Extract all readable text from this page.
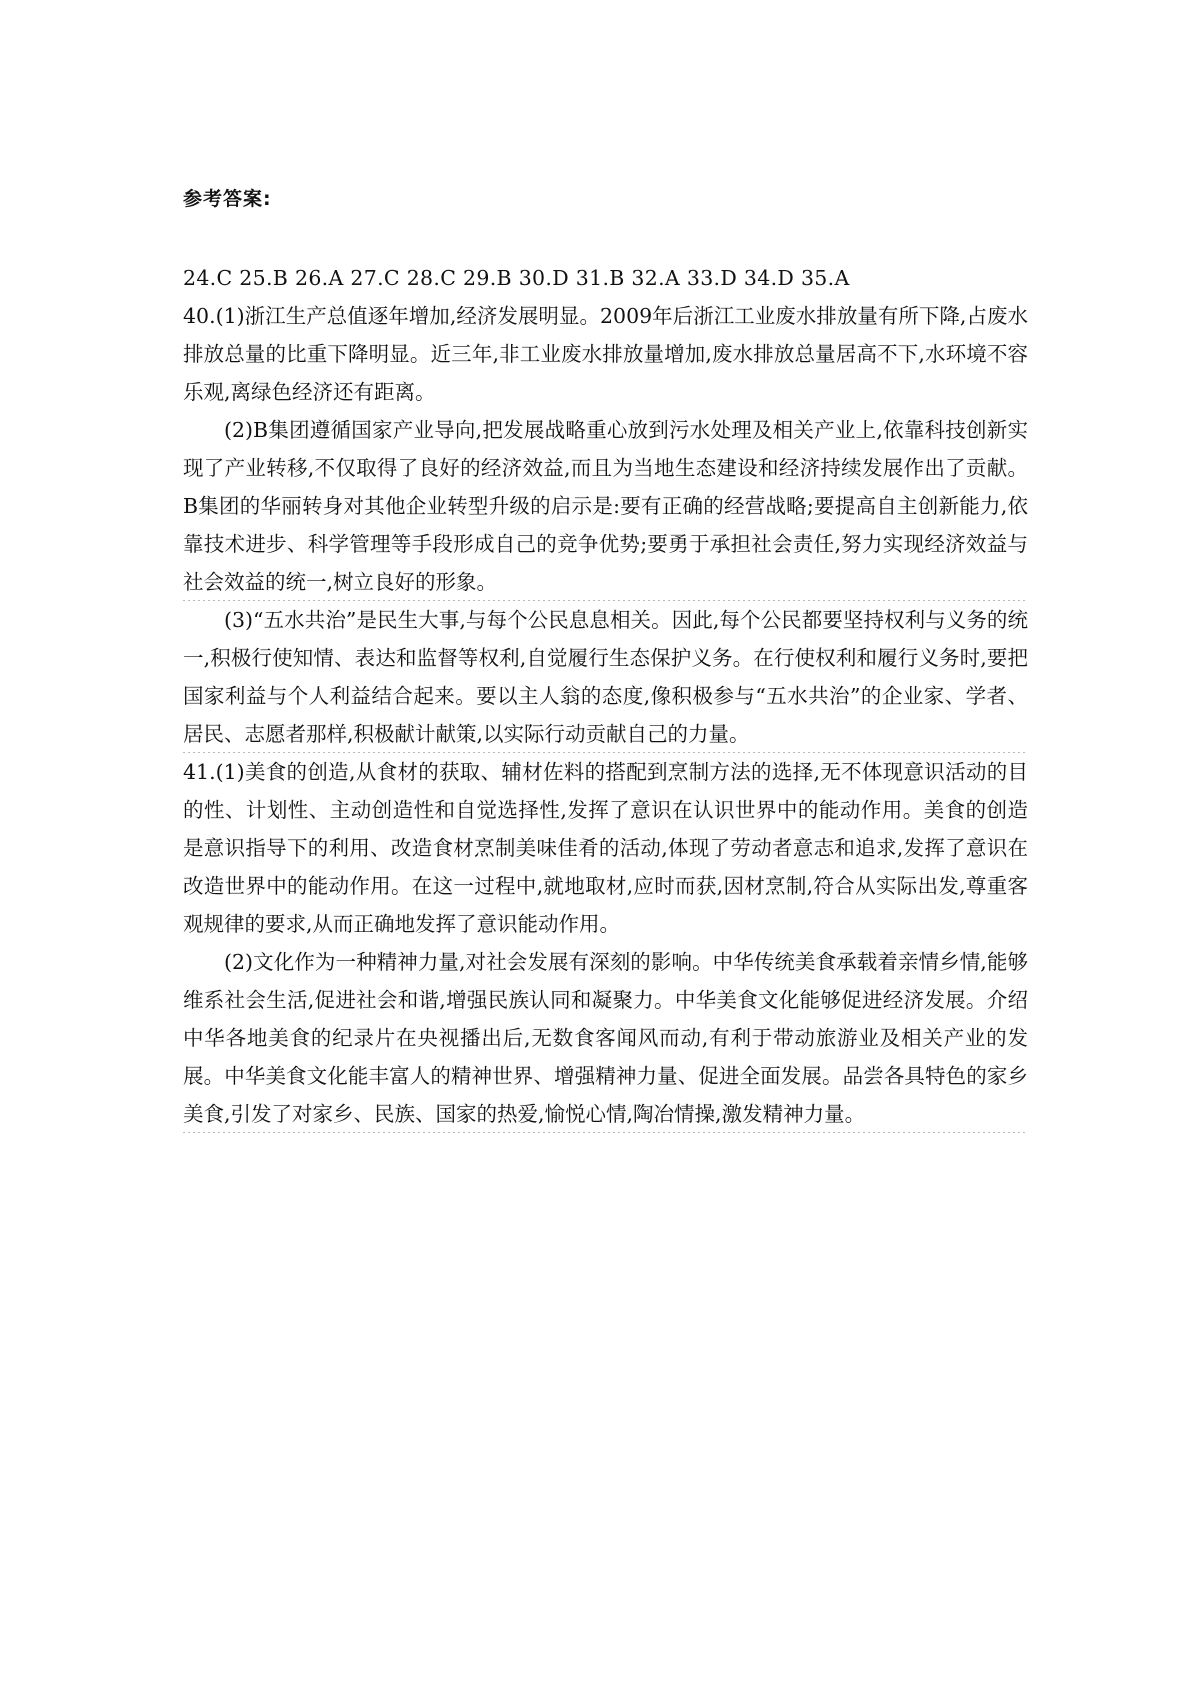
参考答案:

24.C 25.B 26.A 27.C 28.C 29.B 30.D 31.B 32.A 33.D 34.D 35.A

40.(1)浙江生产总值逐年增加,经济发展明显。2009年后浙江工业废水排放量有所下降,占废水排放总量的比重下降明显。近三年,非工业废水排放量增加,废水排放总量居高不下,水环境不容乐观,离绿色经济还有距离。

(2)B集团遵循国家产业导向,把发展战略重心放到污水处理及相关产业上,依靠科技创新实现了产业转移,不仅取得了良好的经济效益,而且为当地生态建设和经济持续发展作出了贡献。B集团的华丽转身对其他企业转型升级的启示是:要有正确的经营战略;要提高自主创新能力,依靠技术进步、科学管理等手段形成自己的竞争优势;要勇于承担社会责任,努力实现经济效益与社会效益的统一,树立良好的形象。

(3)“五水共治”是民生大事,与每个公民息息相关。因此,每个公民都要坚持权利与义务的统一,积极行使知情、表达和监督等权利,自觉履行生态保护义务。在行使权利和履行义务时,要把国家利益与个人利益结合起来。要以主人翁的态度,像积极参与“五水共治”的企业家、学者、居民、志愿者那样,积极献计献策,以实际行动贡献自己的力量。

41.(1)美食的创造,从食材的获取、辅材佐料的搭配到烹制方法的选择,无不体现意识活动的目的性、计划性、主动创造性和自觉选择性,发挥了意识在认识世界中的能动作用。美食的创造是意识指导下的利用、改造食材烹制美味佳肴的活动,体现了劳动者意志和追求,发挥了意识在改造世界中的能动作用。在这一过程中,就地取材,应时而获,因材烹制,符合从实际出发,尊重客观规律的要求,从而正确地发挥了意识能动作用。

(2)文化作为一种精神力量,对社会发展有深刻的影响。中华传统美食承载着亲情乡情,能够维系社会生活,促进社会和谐,增强民族认同和凝聚力。中华美食文化能够促进经济发展。介绍中华各地美食的纪录片在央视播出后,无数食客闻风而动,有利于带动旅游业及相关产业的发展。中华美食文化能丰富人的精神世界、增强精神力量、促进全面发展。品尝各具特色的家乡美食,引发了对家乡、民族、国家的热爱,愉悦心情,陶冶情操,激发精神力量。
